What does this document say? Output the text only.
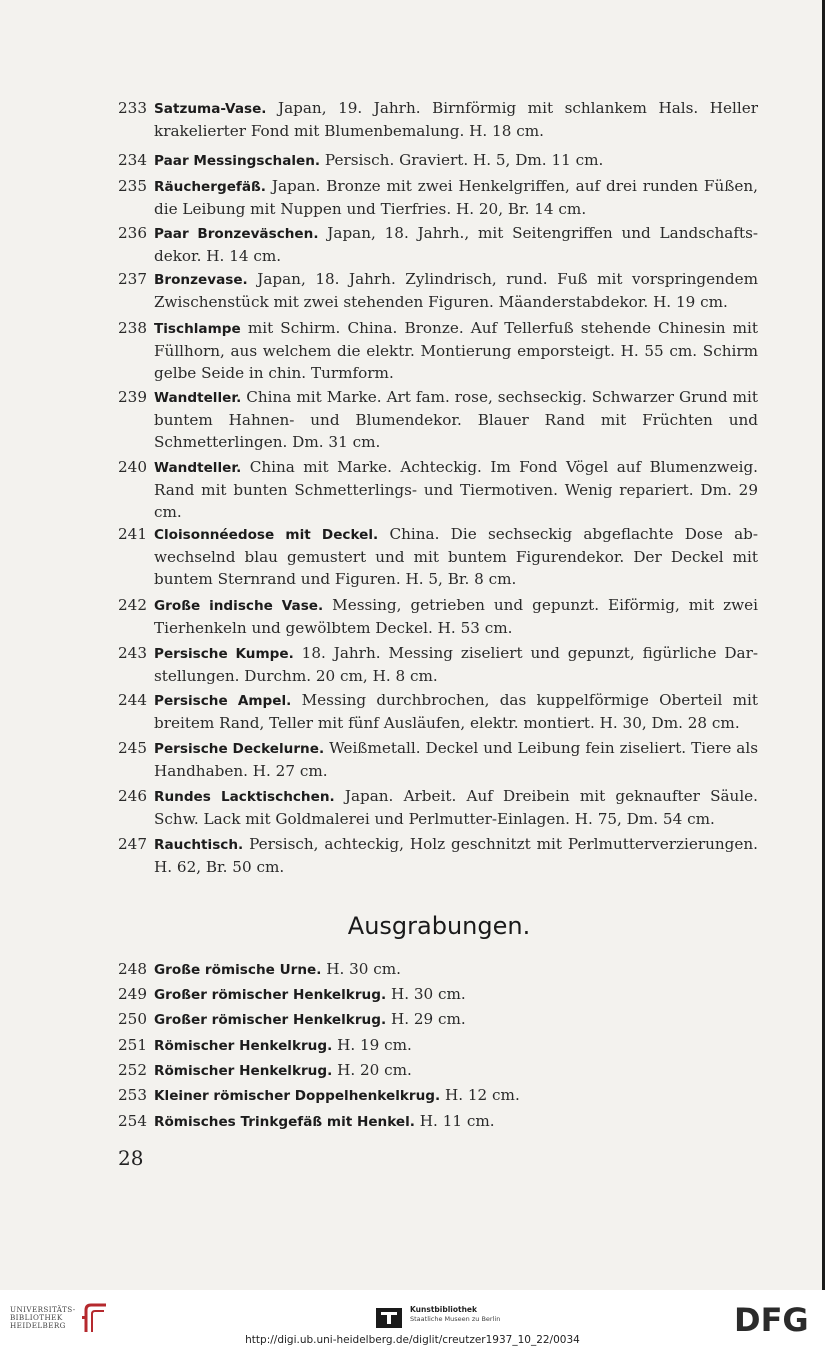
233 Satzuma-Vase. Japan, 19. Jahrh. Birnförmig mit schlankem Hals. Heller krakelierter Fond mit Blumenbemalung. H. 18 cm.
234 Paar Messingschalen. Persisch. Graviert. H. 5, Dm. 11 cm.
235 Räuchergefäß. Japan. Bronze mit zwei Henkelgriffen, auf drei runden Füßen, die Leibung mit Nuppen und Tierfries. H. 20, Br. 14 cm.
236 Paar Bronzeväschen. Japan, 18. Jahrh., mit Seitengriffen und Landschafts-dekor. H. 14 cm.
237 Bronzevase. Japan, 18. Jahrh. Zylindrisch, rund. Fuß mit vorspringendem Zwischenstück mit zwei stehenden Figuren. Mäanderstabdekor. H. 19 cm.
238 Tischlampe mit Schirm. China. Bronze. Auf Tellerfuß stehende Chinesin mit Füllhorn, aus welchem die elektr. Montierung emporsteigt. H. 55 cm. Schirm gelbe Seide in chin. Turmform.
239 Wandteller. China mit Marke. Art fam. rose, sechseckig. Schwarzer Grund mit buntem Hahnen- und Blumendekor. Blauer Rand mit Früchten und Schmetterlingen. Dm. 31 cm.
240 Wandteller. China mit Marke. Achteckig. Im Fond Vögel auf Blumenzweig. Rand mit bunten Schmetterlings- und Tiermotiven. Wenig repariert. Dm. 29 cm.
241 Cloisonnéedose mit Deckel. China. Die sechseckig abgeflachte Dose ab-wechselnd blau gemustert und mit buntem Figurendekor. Der Deckel mit buntem Sternrand und Figuren. H. 5, Br. 8 cm.
242 Große indische Vase. Messing, getrieben und gepunzt. Eiförmig, mit zwei Tierhenkeln und gewölbtem Deckel. H. 53 cm.
243 Persische Kumpe. 18. Jahrh. Messing ziseliert und gepunzt, figürliche Dar-stellungen. Durchm. 20 cm, H. 8 cm.
244 Persische Ampel. Messing durchbrochen, das kuppelförmige Oberteil mit breitem Rand, Teller mit fünf Ausläufen, elektr. montiert. H. 30, Dm. 28 cm.
245 Persische Deckelurne. Weißmetall. Deckel und Leibung fein ziseliert. Tiere als Handhaben. H. 27 cm.
246 Rundes Lacktischchen. Japan. Arbeit. Auf Dreibein mit geknaufter Säule. Schw. Lack mit Goldmalerei und Perlmutter-Einlagen. H. 75, Dm. 54 cm.
247 Rauchtisch. Persisch, achteckig, Holz geschnitzt mit Perlmutterverzierungen. H. 62, Br. 50 cm.
Ausgrabungen.
248 Große römische Urne. H. 30 cm.
249 Großer römischer Henkelkrug. H. 30 cm.
250 Großer römischer Henkelkrug. H. 29 cm.
251 Römischer Henkelkrug. H. 19 cm.
252 Römischer Henkelkrug. H. 20 cm.
253 Kleiner römischer Doppelhenkelkrug. H. 12 cm.
254 Römisches Trinkgefäß mit Henkel. H. 11 cm.
28
UNIVERSITÄTS-
BIBLIOTHEK
HEIDELBERG
Kunstbibliothek
Staatliche Museen zu Berlin	DFG
http://digi.ub.uni-heidelberg.de/diglit/creutzer1937_10_22/0034
